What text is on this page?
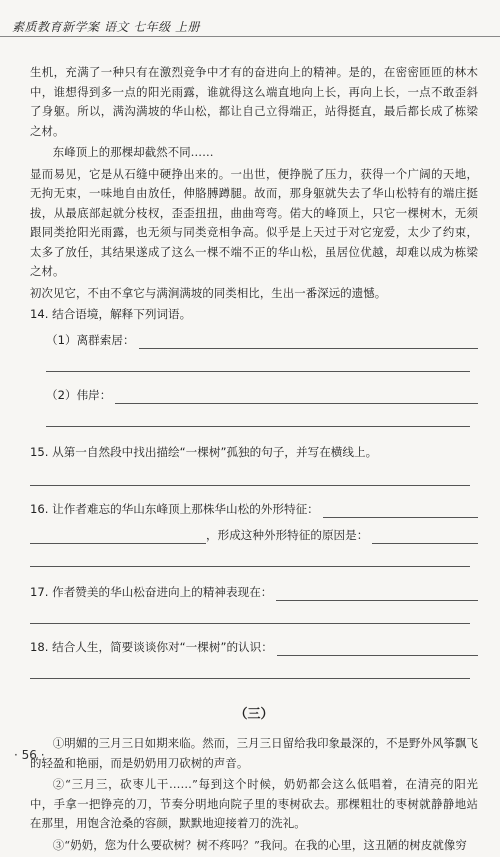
素质教育新学案 语文 七年级 上册

生机，充满了一种只有在激烈竞争中才有的奋进向上的精神。是的，在密密匝匝的林木中，谁想得到多一点的阳光雨露，谁就得这么端直地向上长，再向上长，一点不敢歪斜了身躯。所以，满沟满坡的华山松，都让自己立得端正，站得挺直，最后都长成了栋梁之材。

东峰顶上的那棵却截然不同……

显而易见，它是从石缝中硬挣出来的。一出世，便挣脱了压力，获得一个广阔的天地，无拘无束，一味地自由放任，伸胳膊蹲腿。故而，那身躯就失去了华山松特有的端庄挺拔，从最底部起就分枝杈，歪歪扭扭，曲曲弯弯。偌大的峰顶上，只它一棵树木，无须跟同类抢阳光雨露，也无须与同类竞相争高。似乎是上天过于对它宠爱，太少了约束，太多了放任，其结果遂成了这么一棵不端不正的华山松，虽居位优越，却难以成为栋梁之材。

初次见它，不由不拿它与满涧满坡的同类相比，生出一番深远的遗憾。

14. 结合语境，解释下列词语。
（1）离群索居：
（2）伟岸：
15. 从第一自然段中找出描绘“一棵树”孤独的句子，并写在横线上。
16. 让作者难忘的华山东峰顶上那株华山松的外形特征：
，形成这种外形特征的原因是：
17. 作者赞美的华山松奋进向上的精神表现在：
18. 结合人生，简要谈谈你对“一棵树”的认识：
（三）

①明媚的三月三日如期来临。然而，三月三日留给我印象最深的，不是野外风筝飘飞的轻盈和艳丽，而是奶奶用刀砍树的声音。

②“三月三，砍枣儿干……”每到这个时候，奶奶都会这么低唱着，在清亮的阳光中，手拿一把铮亮的刀，节奏分明地向院子里的枣树砍去。那棵粗壮的枣树就静静地站在那里，用饱含沧桑的容颜，默默地迎接着刀的洗礼。

③“奶奶，您为什么要砍树？树不疼吗？”我问。在我的心里，这丑陋的树皮就像穷

· 56 ·
